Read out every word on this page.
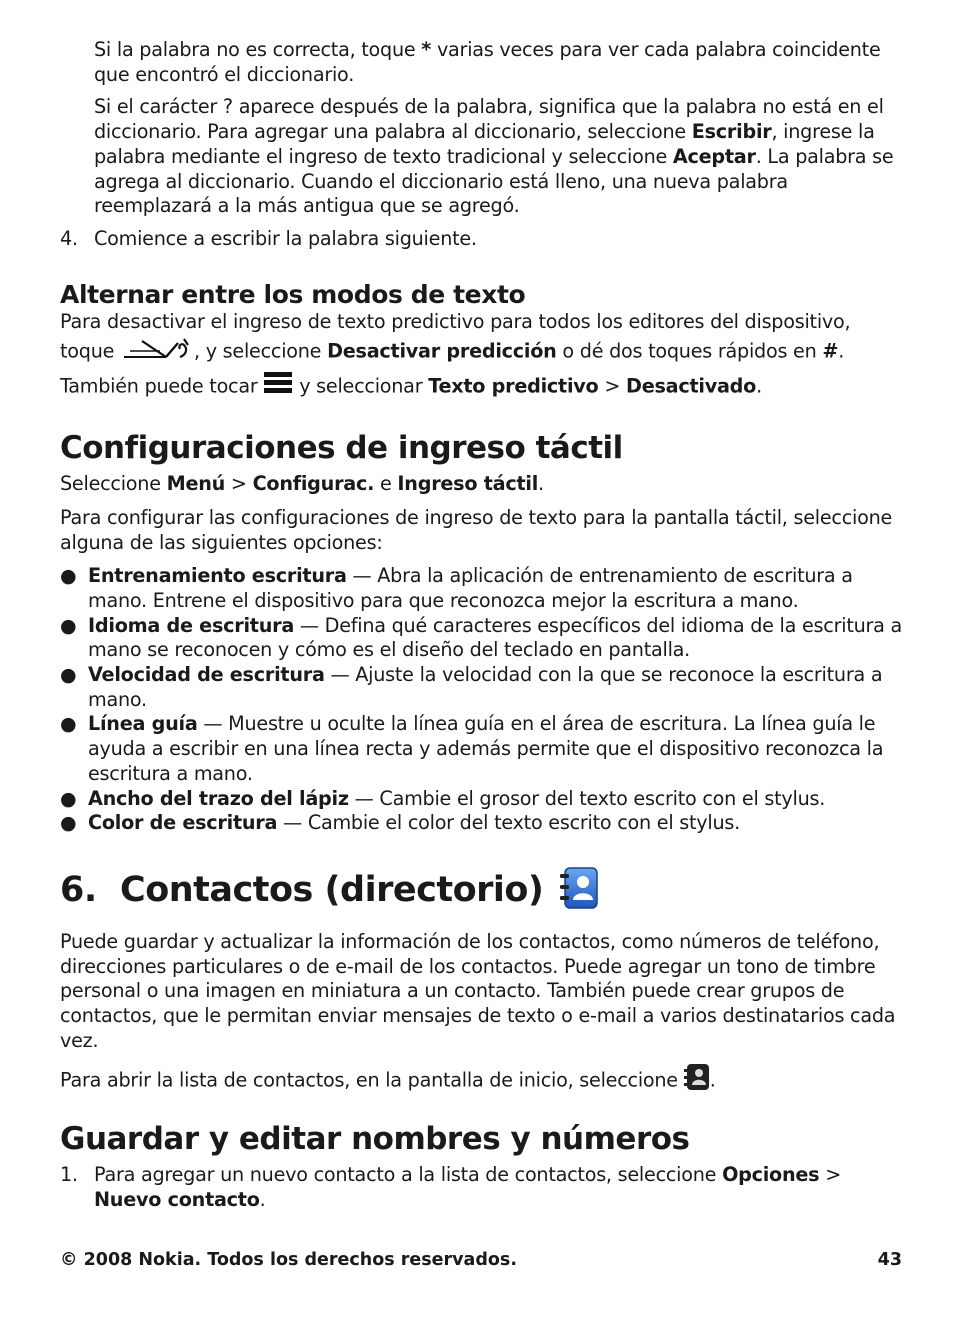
Si la palabra no es correcta, toque * varias veces para ver cada palabra coincidente que encontró el diccionario.

Si el carácter ? aparece después de la palabra, significa que la palabra no está en el diccionario. Para agregar una palabra al diccionario, seleccione Escribir, ingrese la palabra mediante el ingreso de texto tradicional y seleccione Aceptar. La palabra se agrega al diccionario. Cuando el diccionario está lleno, una nueva palabra reemplazará a la más antigua que se agregó.

4. Comience a escribir la palabra siguiente.
Alternar entre los modos de texto

Para desactivar el ingreso de texto predictivo para todos los editores del dispositivo, toque	, y seleccione Desactivar predicción o dé dos toques rápidos en #. También puede tocar  y seleccionar Texto predictivo > Desactivado.

Configuraciones de ingreso táctil

Seleccione Menú > Configurac. e Ingreso táctil.

Para configurar las configuraciones de ingreso de texto para la pantalla táctil, seleccione alguna de las siguientes opciones:

● Entrenamiento escritura — Abra la aplicación de entrenamiento de escritura a mano. Entrene el dispositivo para que reconozca mejor la escritura a mano.
● Idioma de escritura — Defina qué caracteres específicos del idioma de la escritura a mano se reconocen y cómo es el diseño del teclado en pantalla.
● Velocidad de escritura — Ajuste la velocidad con la que se reconoce la escritura a mano.
● Línea guía — Muestre u oculte la línea guía en el área de escritura. La línea guía le ayuda a escribir en una línea recta y además permite que el dispositivo reconozca la escritura a mano.
● Ancho del trazo del lápiz — Cambie el grosor del texto escrito con el stylus.
● Color de escritura — Cambie el color del texto escrito con el stylus.
6.  Contactos (directorio)

Puede guardar y actualizar la información de los contactos, como números de teléfono, direcciones particulares o de e-mail de los contactos. Puede agregar un tono de timbre personal o una imagen en miniatura a un contacto. También puede crear grupos de contactos, que le permitan enviar mensajes de texto o e-mail a varios destinatarios cada vez.

Para abrir la lista de contactos, en la pantalla de inicio, seleccione .

Guardar y editar nombres y números
1. Para agregar un nuevo contacto a la lista de contactos, seleccione Opciones > Nuevo contacto.
© 2008 Nokia. Todos los derechos reservados.	43
